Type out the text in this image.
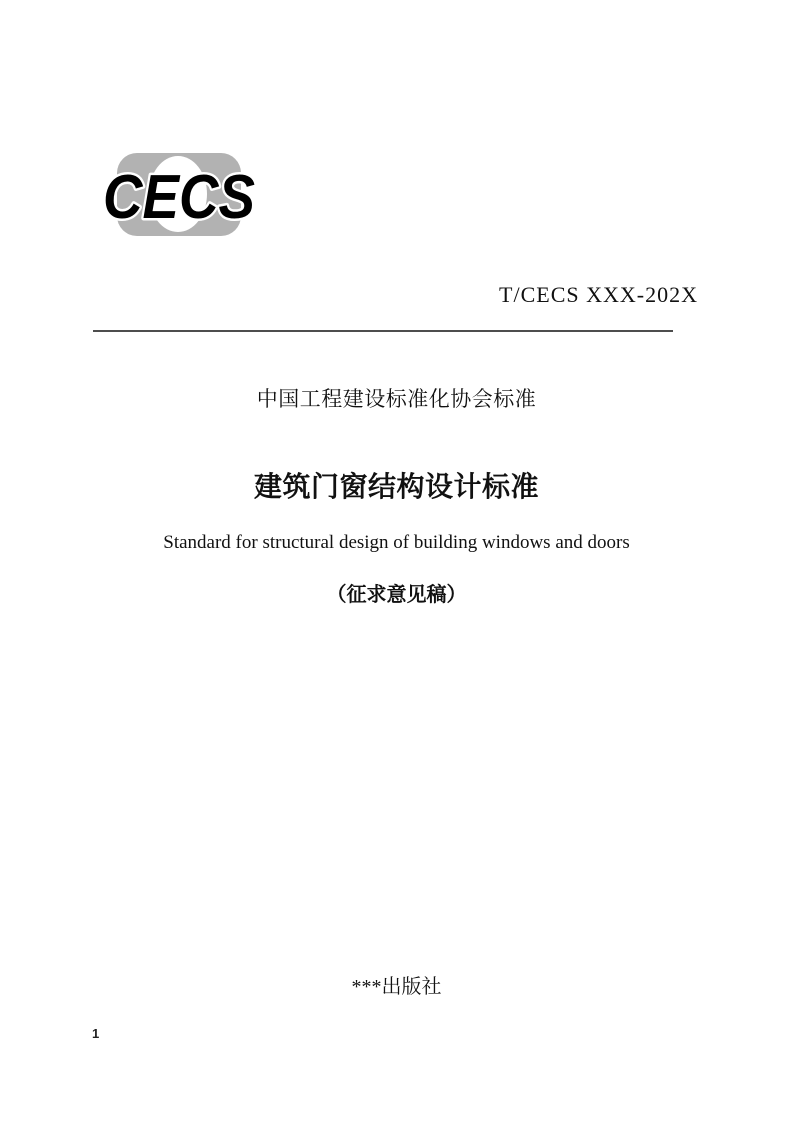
CECS
T/CECS XXX-202X
中国工程建设标准化协会标准
建筑门窗结构设计标准
Standard for structural design of building windows and doors
（征求意见稿）
***出版社
1
